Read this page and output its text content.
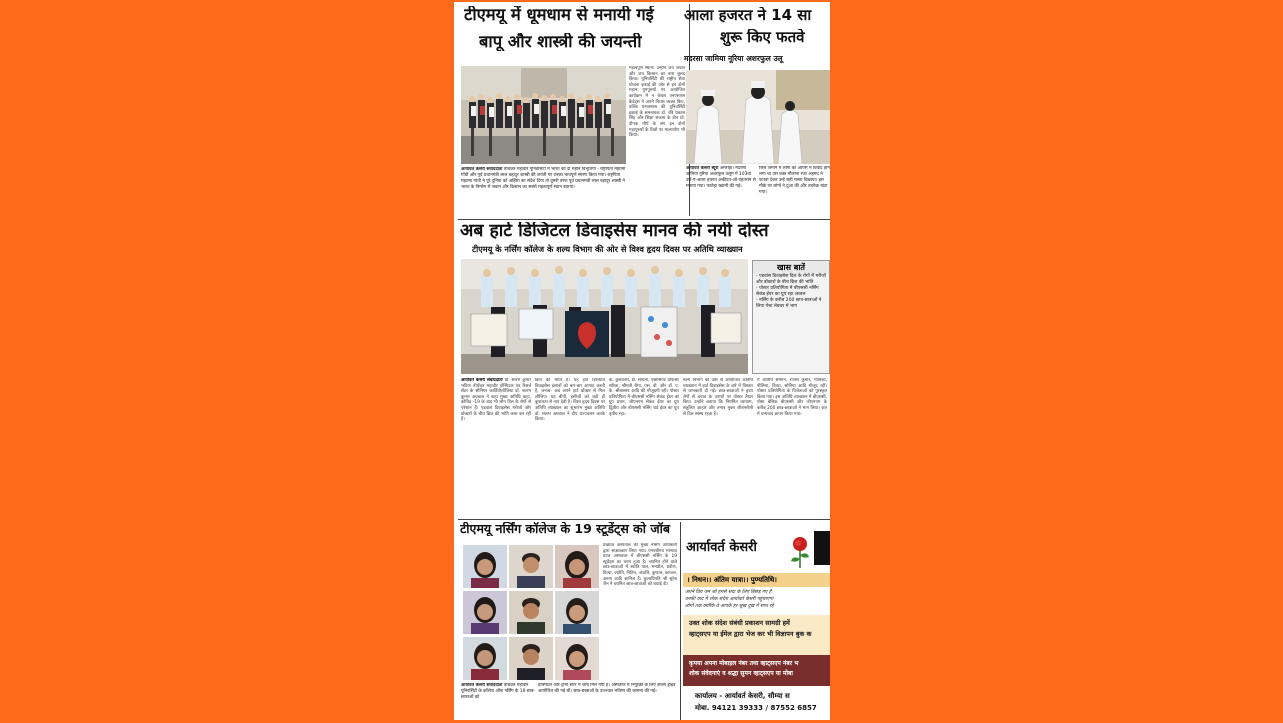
टीएमयू में धूमधाम से मनायी गई
बापू और शास्त्री की जयन्ती
महत्वपूर्ण स्थान। उन्होंने जय जवान और जय किसान का नारा बुलंद किया। यूनिवर्सिटी की राष्ट्रीय सेवा योजना इकाई की ओर से इन दोनों महान युगपुरुषों पर आयोजित कार्यक्रम में न केवल एनएसएस कैडेट्स ने अपने विचार व्यक्त किए, बल्कि एनएसएस की यूनिवर्सिटी इकाई के समन्वयक डॉ. रवि प्रकाश सिंह और शिक्षा संकाय के डीन प्रो. दीपक मौर्य के संग इन दोनों महापुरुषों के चित्रों पर माल्यार्पण भी किया।
आर्यावर्त केसरी संवाददाता तीर्थंकर महावीर यूनिवर्सिटी में भारत की दो महान विभूतियों - राष्ट्रपिता महात्मा गाँधी और पूर्व प्रधानमंत्री लाल बहादुर शास्त्री की जयंती पर उनका भावपूर्ण स्मरण किया गया। राष्ट्रपिता महात्मा गांधी ने पूरे दुनिया को अहिंसा का संदेश दिया तो दूसरी तरफ पूर्व प्रधानमंत्री लाल बहादुर शास्त्री ने भारत के निर्माण में जवान और किसान का सबसे महत्वपूर्ण स्थान बताया।
आला हजरत ने 14 सा
शुरू किए फतवे
मदरसा जामिया नूरिया अशरफुल उलू
आर्यावर्त केसरी ब्यूरो अमरोहा। मदरसा जामिया नूरिया अशरफुल उलूम में 103वां उर्स-ए-आला हजरत अकीदत-ओ-एहतराम से मनाया गया। फातेहा ख्वानी की गई।
जिस जमाने में लोगों का आपस में विवाद होने लगा था उस वक्त मौलाना रजा अहमद ने फतवा देकर उन्हें सही रास्ता दिखाया। इस मौके पर लोगों ने दुआ की और तबर्रुक बांटा गया।
अब हार्ट डिजिटल डिवाइसेस मानव की नयी दोस्त
टीएमयू के नर्सिंग कॉलेज के शल्य विभाग की ओर से विश्व हृदय दिवस पर अतिथि व्याख्यान
खास बातें
- एडवांस डिवाइसेस दिल के रोगों में मरीजों और डॉक्टरों के बीच ब्रिज की भांति
- पोस्टर प्रतियोगिता में बीएससी नर्सिंग सेकंड ईयर का ग्रुप रहा अव्वल
- नर्सिंग के करीब 200 छात्र-छात्राओं ने लिया गेस्ट लेक्चर में भाग
आर्यावर्त केसरी संवाददाता प्रो. शलभ कुमार भटिया तीर्थंकर महावीर हॉस्पिटल एंड रिसर्च सेंटर के सीनियर कार्डियोलॉजिस्ट डॉ. शलभ कुमार अग्रवाल ने कहा मुख्य अतिथि कहा, कोविड -19 के बाद भी लोग दिल के रोगों से परेशान हैं। एडवांस डिवाइसेस मरीजों और डॉक्टरों के बीच ब्रिज की भांति काम कर रही हैं।
ब्रिज की भांति हैं। यह हार्ट डिजिटल डिवाइसेस इंसानों को बार-बार आगाह करती हैं, जनाब- अब अपने हार्ट डॉक्टर से मिल लीजिए। यह बीपी, इसीजी को बड़ी ही कुशलता से नाप देती है। विश्व हृदय दिवस पर अतिथि व्याख्यान का शुभारंभ मुख्य अतिथि डॉ. शलभ अग्रवाल ने दीप प्रज्ज्वलन करके किया।
के. कुलवन्ती, डॉ. साधना, एसोसिएट प्रोफेसर सरिता, श्रीमती रीमा, एस. डी. और डॉ. ए. के. श्रीवास्तव आदि की मौजूदगी रही। पोस्टर प्रतियोगिता में बीएससी नर्सिंग सेकंड ईयर का ग्रुप प्रथम, जीएनएम सेकंड ईयर का ग्रुप द्वितीय और बीएससी नर्सिंग थर्ड ईयर का ग्रुप तृतीय रहा।
शल्य विभाग की ओर से आयोजित अतिथि व्याख्यान में हार्ट डिवाइसेस के बारे में विस्तार से जानकारी दी गई। छात्र-छात्राओं ने हृदय रोगों से बचाव के उपायों पर पोस्टर तैयार किए। उन्होंने बताया कि नियमित व्यायाम, संतुलित आहार और तनाव मुक्त जीवनशैली से दिल स्वस्थ रहता है।
में अतिथि सम्मान, राजेश कुमार, गीतिका, नीलिमा, दिव्या, सोनिया आदि मौजूद रहीं। पोस्टर प्रतियोगिता के विजेताओं को पुरस्कृत किया गया। इस अतिथि व्याख्यान में बीएससी, पोस्ट बेसिक बीएससी और जीएनएम के करीब 200 छात्र-छात्राओं ने भाग लिया। अंत में धन्यवाद ज्ञापन किया गया।
टीएमयू नर्सिंग कॉलेज के 19 स्टूडेंट्स को जॉब
प्रख्यात अस्पताल की मुख्य नर्सिंग अधिकारी द्वारा साक्षात्कार लिया गया। एनएबीएच मान्यता प्राप्त अस्पताल में बीएससी नर्सिंग के 19 स्टूडेंट्स का चयन हुआ है। चयनित होने वाले छात्र-छात्राओं में स्वाति पाल, मनप्रीत, प्रवीण, दिव्या, ज्योति, नितिन, अंजलि, कुणाल, काजल, अरुण आदि शामिल हैं। कुलाधिपति श्री सुरेश जैन ने चयनित छात्र-छात्राओं को बधाई दी।
आर्यावर्त केसरी संवाददाता तीर्थंकर महावीर यूनिवर्सिटी के कॉलेज ऑफ नर्सिंग के 19 छात्र-छात्राओं को
हॉस्पिटल और ट्रॉमा सेंटर में जॉब मिल गयी है। अस्पताल में नियुक्ति के लिए कैंपस ड्राइव आयोजित की गई थी। छात्र-छात्राओं के उज्ज्वल भविष्य की कामना की गई।
आर्यावर्त केसरी
। निधन।। अंतिम यात्रा।। पुण्यतिथि।
अपने प्रिय जन जो हमसे सदा के लिए बिछड़ गए हैं
उनकी याद में शोक संदेश आर्यावर्त केसरी पहुंचाएगा
लोगों तक क्योंकि वे आपके हर सुख दुख में साथ रहे
उक्त शोक संदेश संबंधी प्रकाशन सामग्री हमें
व्हाट्सएप या ईमेल द्वारा भेज कर भी विज्ञापन बुक क
कृपया अपना मोबाइल नंबर तथा व्हाट्सएप नंबर भ
शोक संवेदनाएं व श्रद्धा सुमन व्हाट्सएप या मोबा
कार्यालय - आर्यावर्त केसरी, सौम्या स
मोबा. 94121 39333 / 87552 6857
